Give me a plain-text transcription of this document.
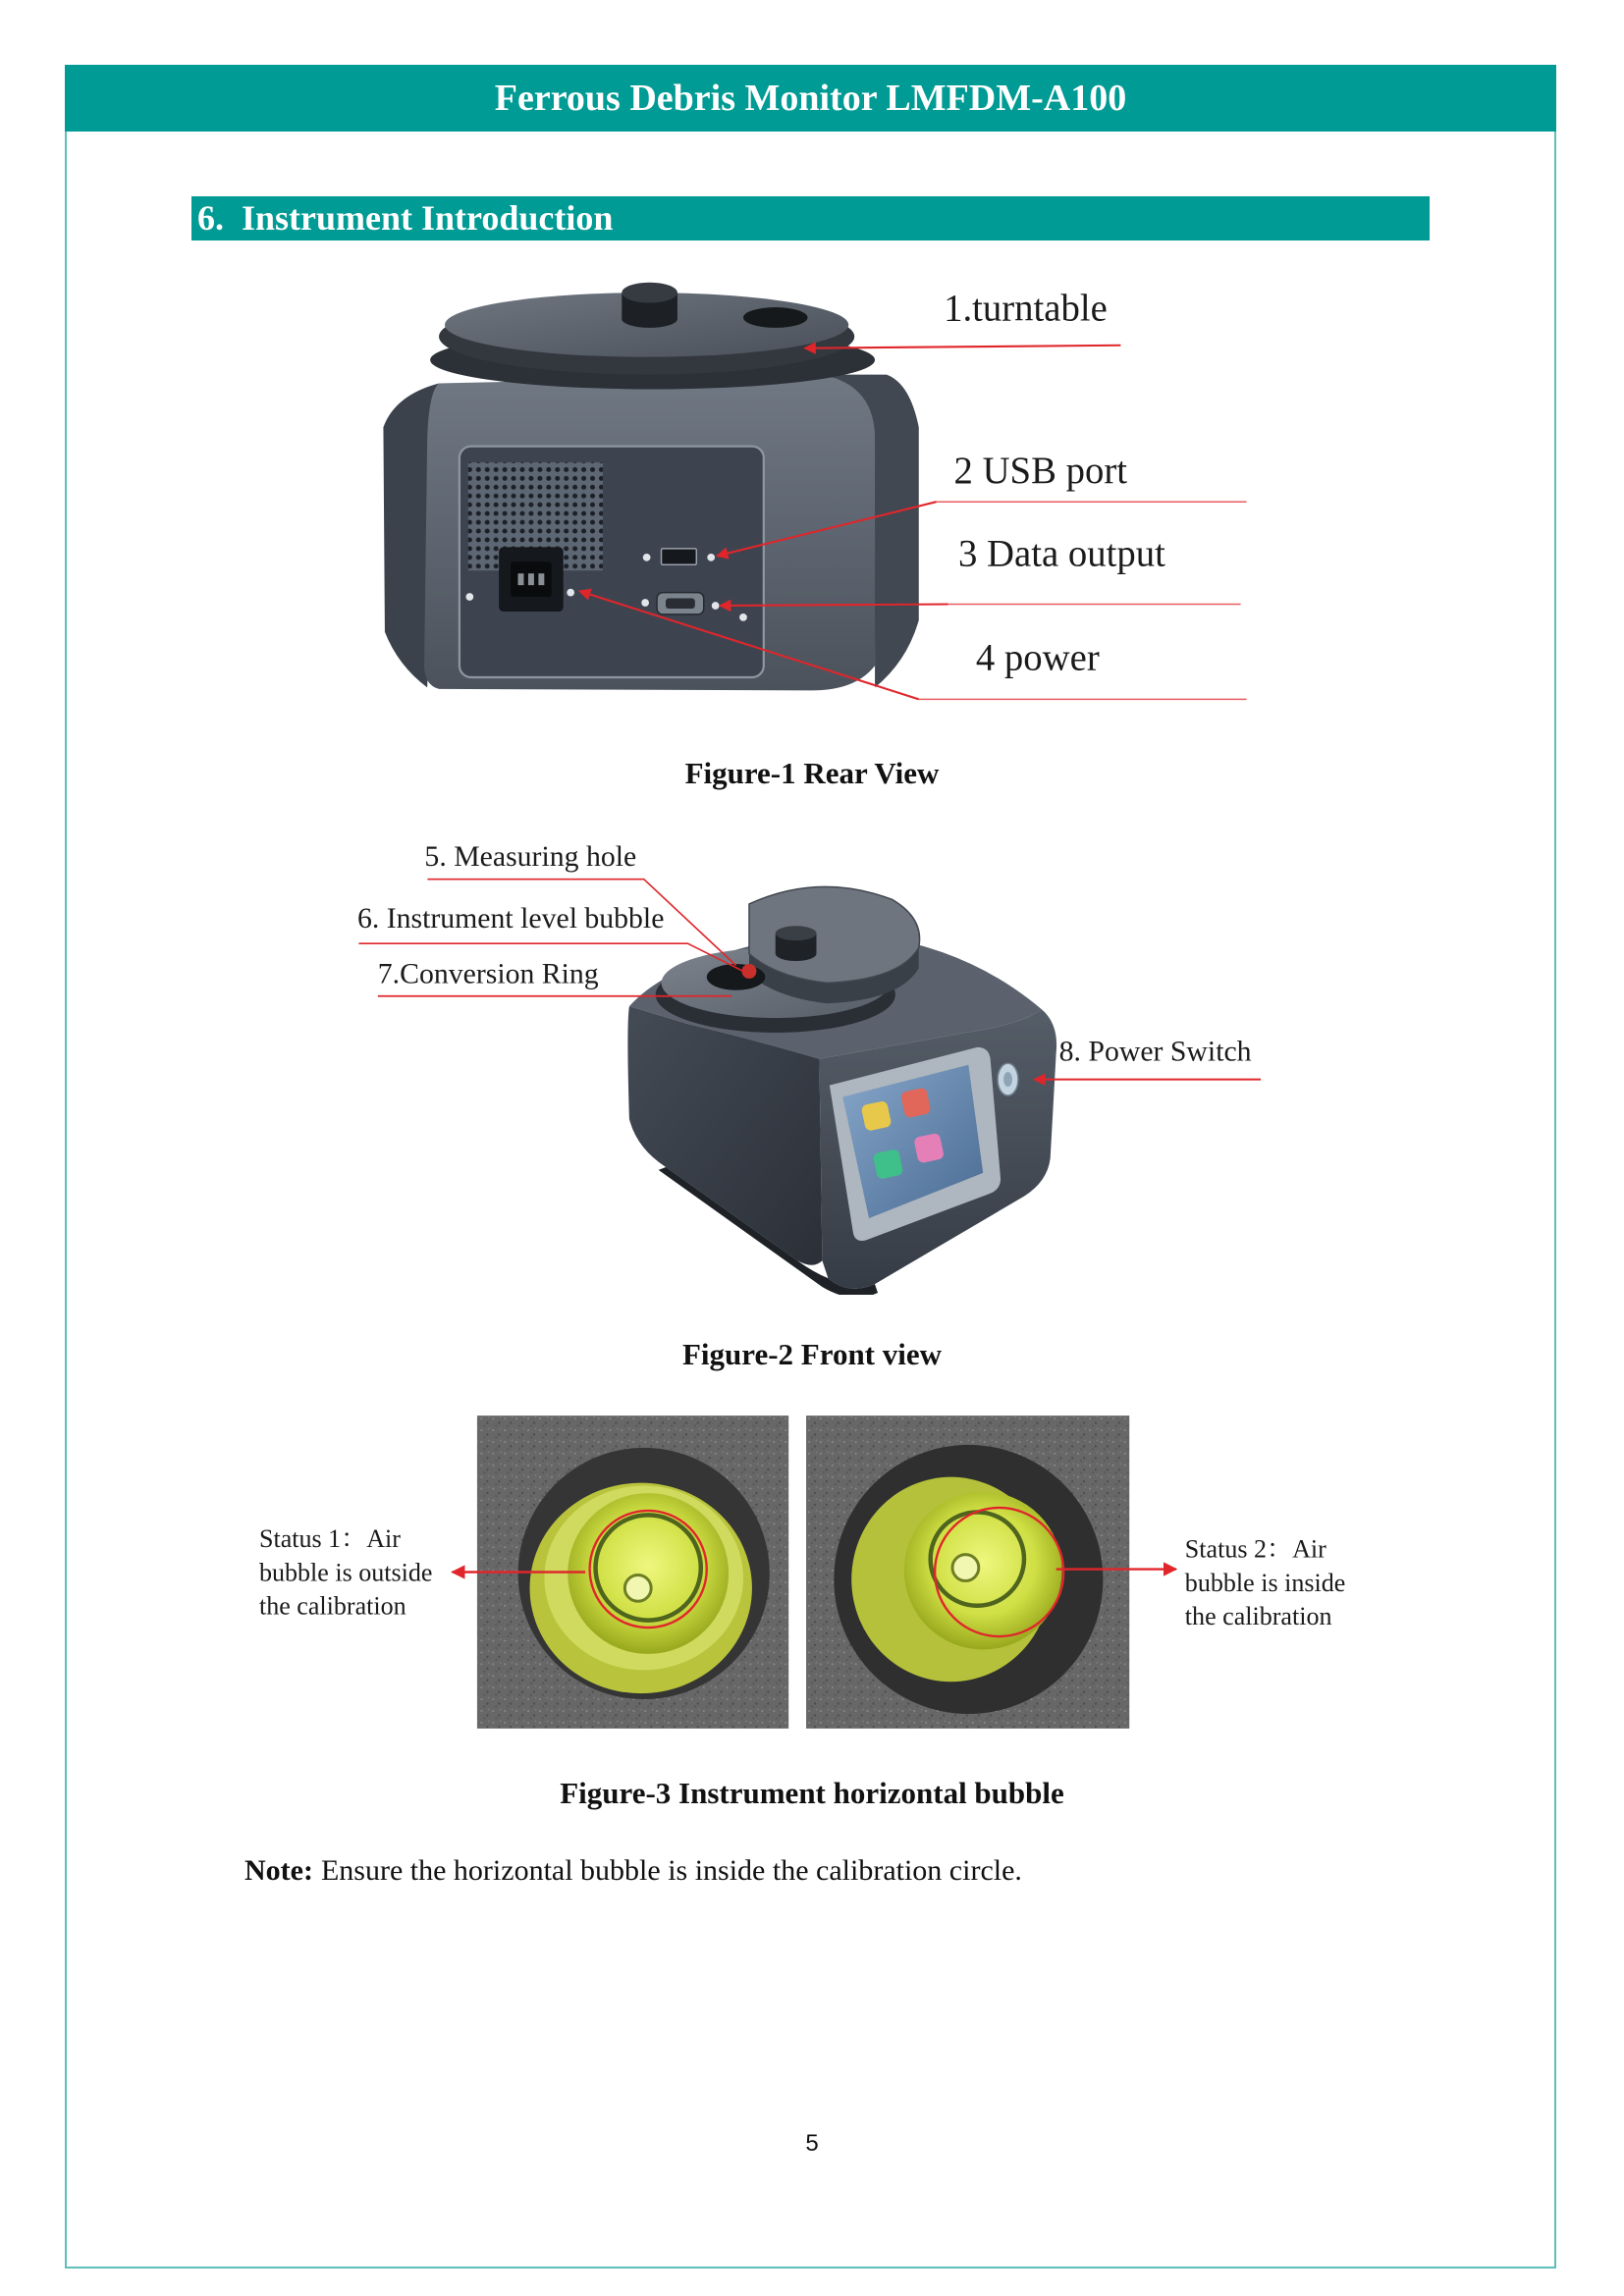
Ferrous Debris Monitor LMFDM-A100
6.  Instrument Introduction
1.turntable
2 USB port
3 Data output
4 power
Figure-1 Rear View
5. Measuring hole
6. Instrument level bubble
7.Conversion Ring
8. Power Switch
Figure-2 Front view
Status 1：Air
bubble is outside
the calibration
Status 2：Air
bubble is inside
the calibration
Figure-3 Instrument horizontal bubble
Note: Ensure the horizontal bubble is inside the calibration circle.
5
